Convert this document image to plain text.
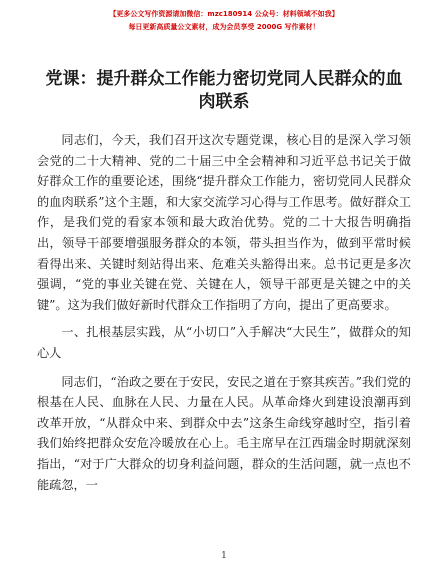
【更多公文写作资源请加微信：mzc180914 公众号：材料领域不如我】
每日更新高质量公文素材，成为会员享受 2000G 写作素材！
党课：提升群众工作能力密切党同人民群众的血肉联系

同志们，今天，我们召开这次专题党课，核心目的是深入学习领会党的二十大精神、党的二十届三中全会精神和习近平总书记关于做好群众工作的重要论述，围绕“提升群众工作能力，密切党同人民群众的血肉联系”这个主题，和大家交流学习心得与工作思考。做好群众工作，是我们党的看家本领和最大政治优势。党的二十大报告明确指出，领导干部要增强服务群众的本领，带头担当作为，做到平常时候看得出来、关键时刻站得出来、危难关头豁得出来。总书记更是多次强调，“党的事业关键在党、关键在人，领导干部更是关键之中的关键”。这为我们做好新时代群众工作指明了方向，提出了更高要求。

一、扎根基层实践，从“小切口”入手解决“大民生”，做群众的知心人

同志们，“治政之要在于安民，安民之道在于察其疾苦。”我们党的根基在人民、血脉在人民、力量在人民。从革命烽火到建设浪潮再到改革开放，“从群众中来、到群众中去”这条生命线穿越时空，指引着我们始终把群众安危冷暖放在心上。毛主席早在江西瑞金时期就深刻指出，“对于广大群众的切身利益问题，群众的生活问题，就一点也不能疏忽，一

1
